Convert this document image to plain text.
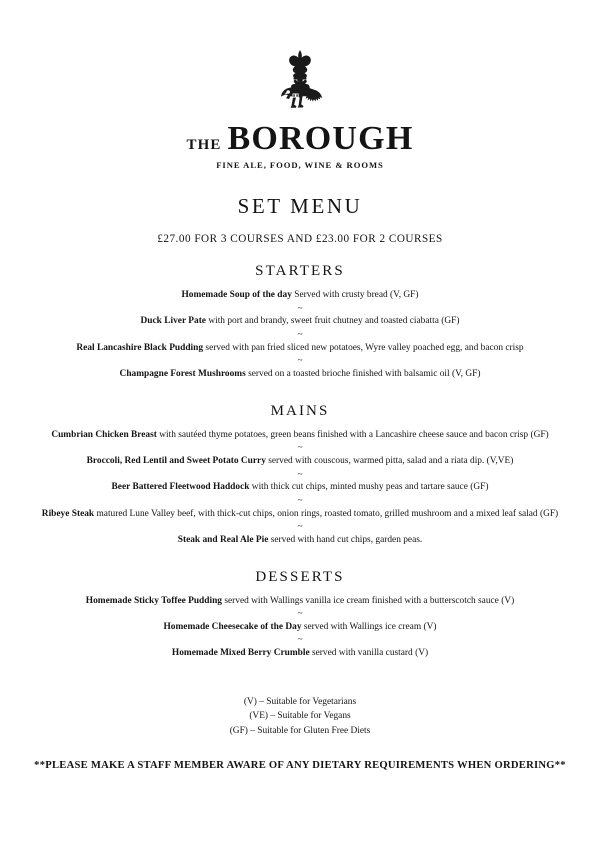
THE BOROUGH
FINE ALE, FOOD, WINE & ROOMS
SET MENU
£27.00 FOR 3 COURSES AND £23.00 FOR 2 COURSES
STARTERS
Homemade Soup of the day Served with crusty bread (V, GF)
~
Duck Liver Pate with port and brandy, sweet fruit chutney and toasted ciabatta (GF)
~
Real Lancashire Black Pudding served with pan fried sliced new potatoes, Wyre valley poached egg, and bacon crisp
~
Champagne Forest Mushrooms served on a toasted brioche finished with balsamic oil (V, GF)
MAINS
Cumbrian Chicken Breast with sautéed thyme potatoes, green beans finished with a Lancashire cheese sauce and bacon crisp (GF)
~
Broccoli, Red Lentil and Sweet Potato Curry served with couscous, warmed pitta, salad and a riata dip. (V,VE)
~
Beer Battered Fleetwood Haddock with thick cut chips, minted mushy peas and tartare sauce (GF)
~
Ribeye Steak matured Lune Valley beef, with thick-cut chips, onion rings, roasted tomato, grilled mushroom and a mixed leaf salad (GF)
~
Steak and Real Ale Pie served with hand cut chips, garden peas.
DESSERTS
Homemade Sticky Toffee Pudding served with Wallings vanilla ice cream finished with a butterscotch sauce (V)
~
Homemade Cheesecake of the Day served with Wallings ice cream (V)
~
Homemade Mixed Berry Crumble served with vanilla custard (V)
(V) – Suitable for Vegetarians
(VE) – Suitable for Vegans
(GF) – Suitable for Gluten Free Diets
**PLEASE MAKE A STAFF MEMBER AWARE OF ANY DIETARY REQUIREMENTS WHEN ORDERING**
